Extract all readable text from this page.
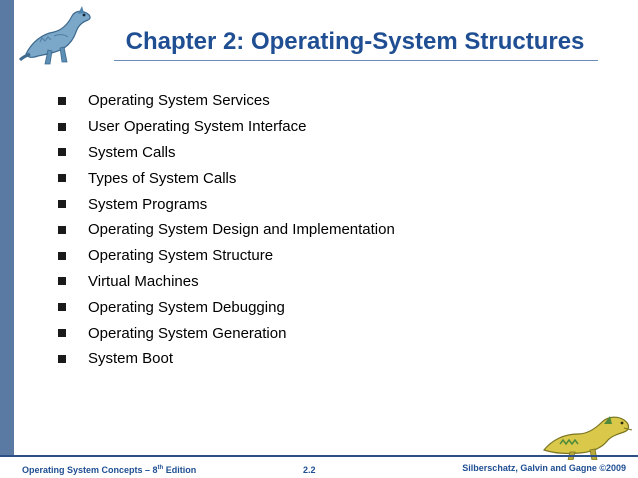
Chapter 2: Operating-System Structures
Operating System Services
User Operating System Interface
System Calls
Types of System Calls
System Programs
Operating System Design and Implementation
Operating System Structure
Virtual Machines
Operating System Debugging
Operating System Generation
System Boot
Operating System Concepts – 8th Edition	2.2	Silberschatz, Galvin and Gagne ©2009
